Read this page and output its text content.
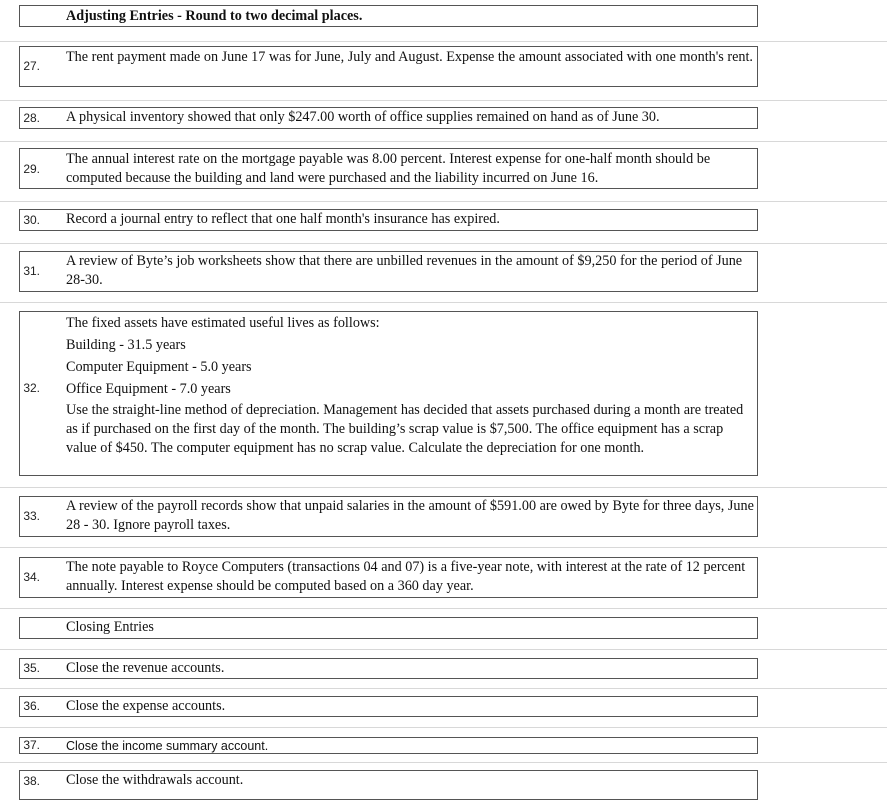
Adjusting Entries - Round to two decimal places.
27.
The rent payment made on June 17 was for June, July and August. Expense the amount associated with one month's rent.
28. A physical inventory showed that only $247.00 worth of office supplies remained on hand as of June 30.
29.
The annual interest rate on the mortgage payable was 8.00 percent. Interest expense for one-half month should be computed because the building and land were purchased and the liability incurred on June 16.
30. Record a journal entry to reflect that one half month's insurance has expired.
31.
A review of Byte’s job worksheets show that there are unbilled revenues in the amount of $9,250 for the period of June 28-30.
32.
The fixed assets have estimated useful lives as follows:
Building - 31.5 years
Computer Equipment - 5.0 years
Office Equipment - 7.0 years
Use the straight-line method of depreciation. Management has decided that assets purchased during a month are treated as if purchased on the first day of the month. The building’s scrap value is $7,500. The office equipment has a scrap value of $450. The computer equipment has no scrap value. Calculate the depreciation for one month.
33.
A review of the payroll records show that unpaid salaries in the amount of $591.00 are owed by Byte for three days, June 28 - 30. Ignore payroll taxes.
34.
The note payable to Royce Computers (transactions 04 and 07) is a five-year note, with interest at the rate of 12 percent annually. Interest expense should be computed based on a 360 day year.
Closing Entries
35. Close the revenue accounts.
36. Close the expense accounts.
37. Close the income summary account.
38. Close the withdrawals account.
